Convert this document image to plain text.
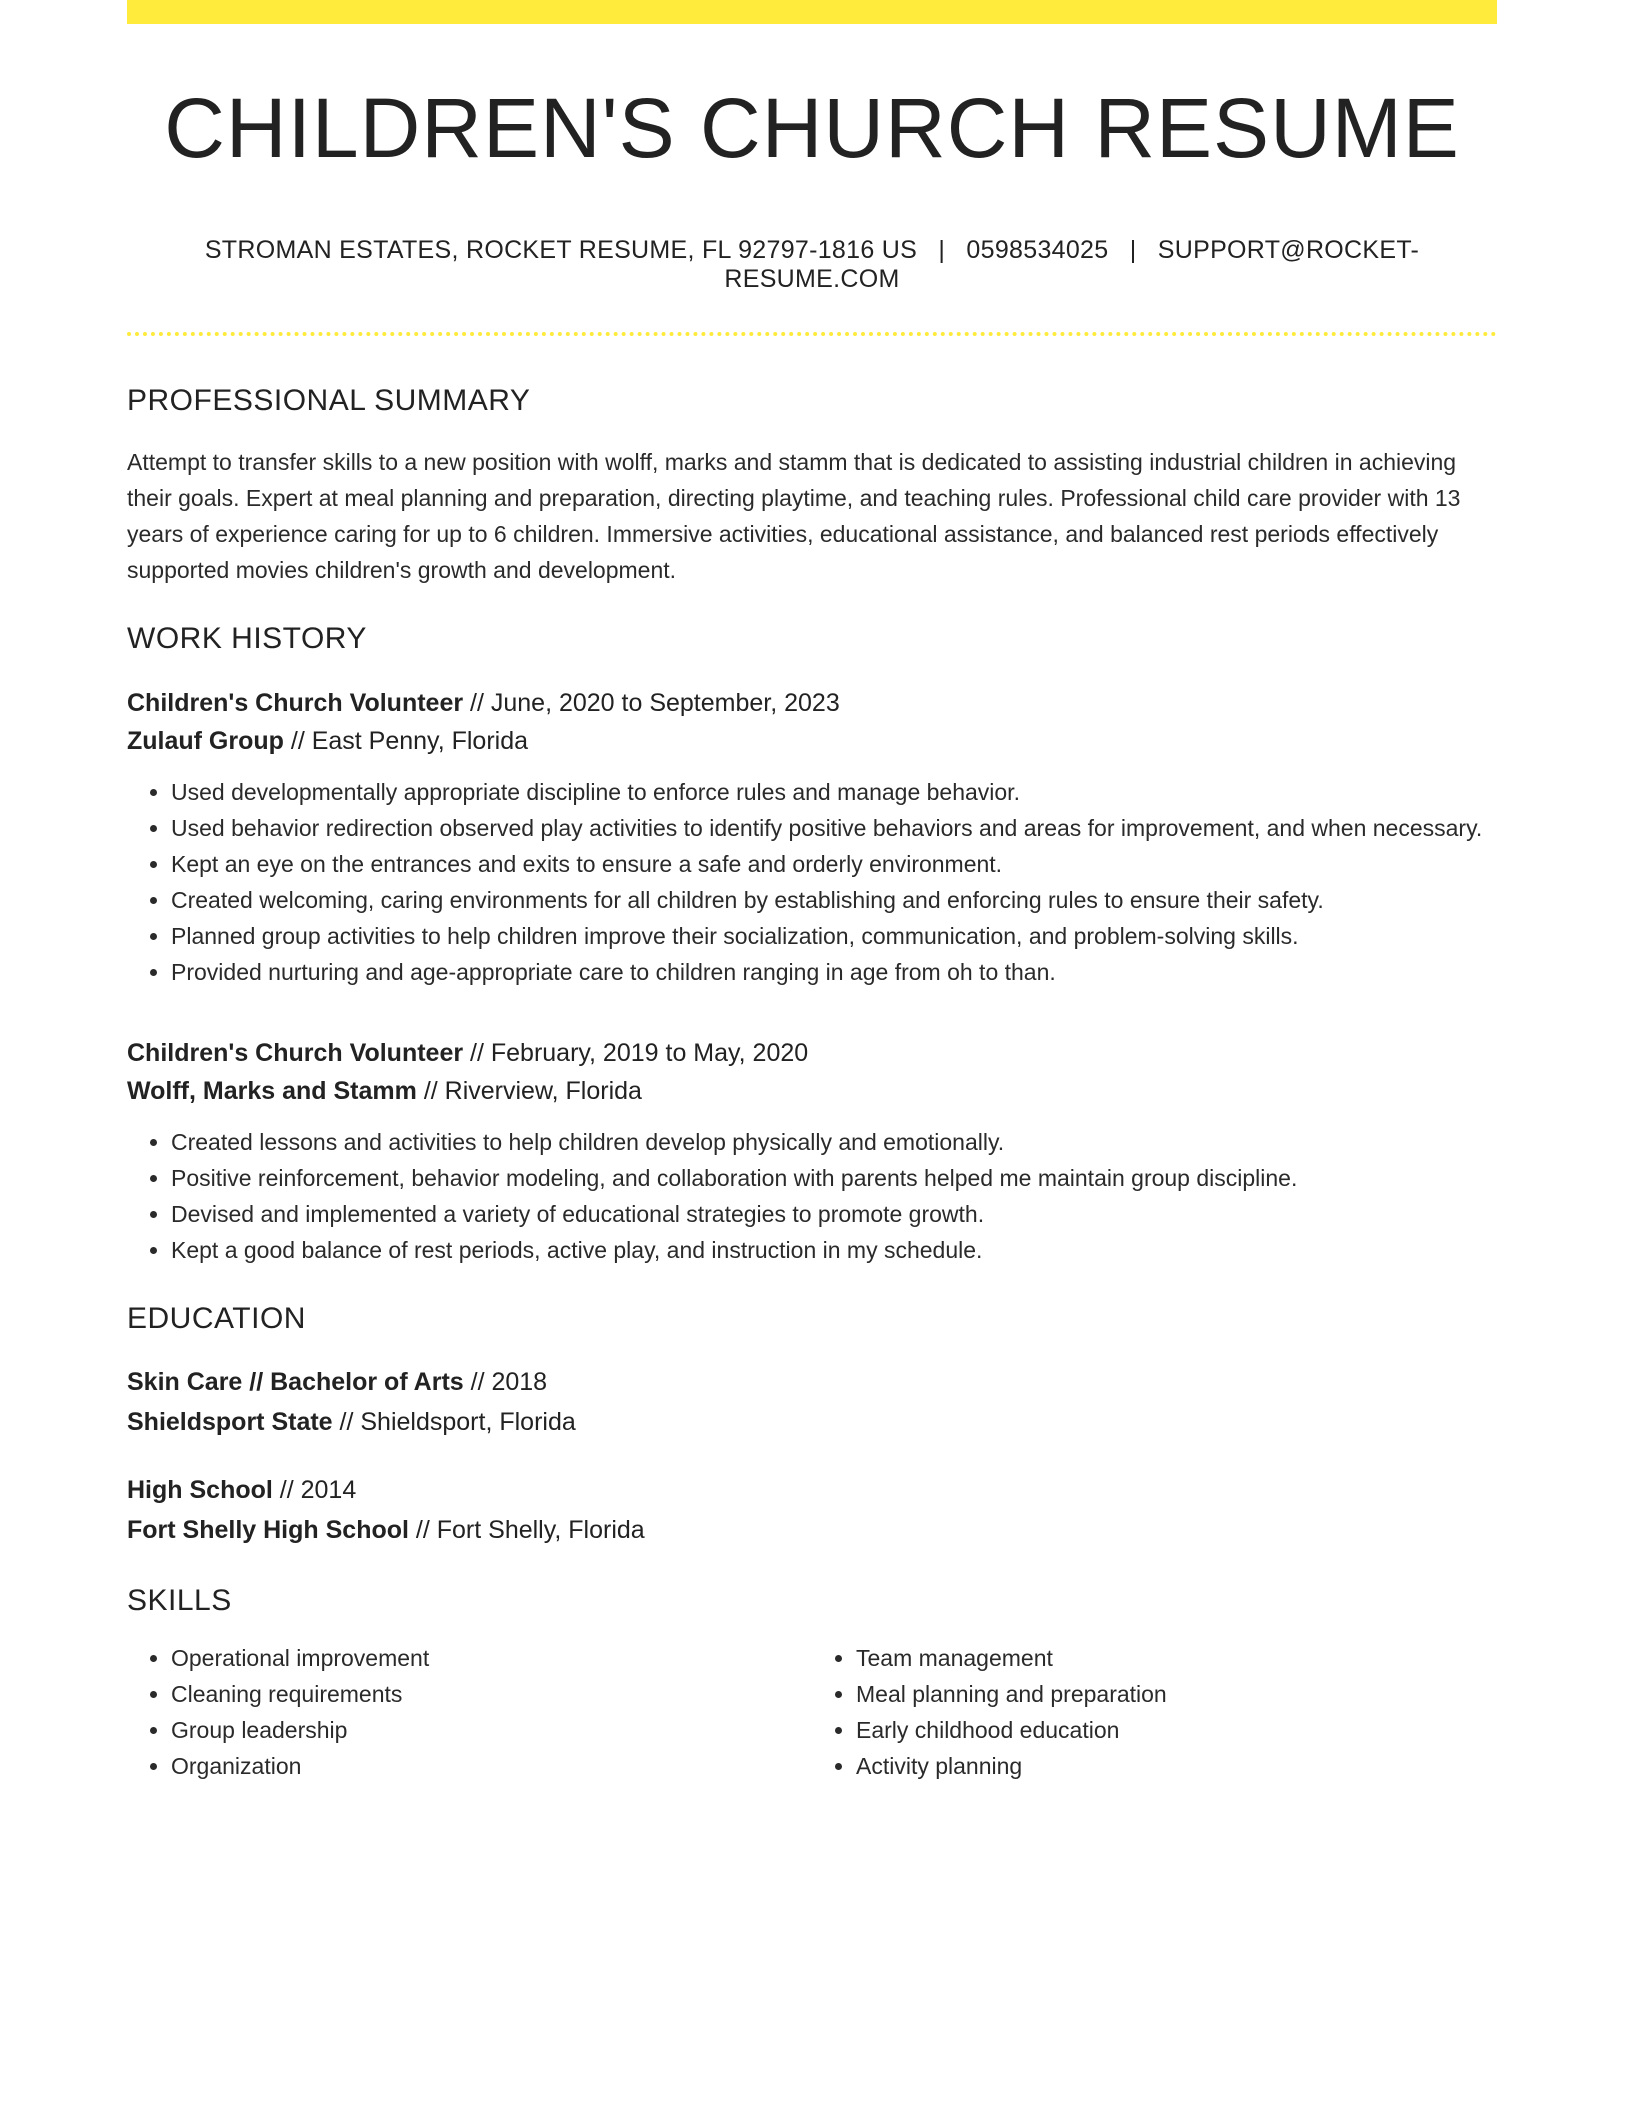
CHILDREN'S CHURCH RESUME
STROMAN ESTATES, ROCKET RESUME, FL 92797-1816 US | 0598534025 | SUPPORT@ROCKET-RESUME.COM
PROFESSIONAL SUMMARY

Attempt to transfer skills to a new position with wolff, marks and stamm that is dedicated to assisting industrial children in achieving their goals. Expert at meal planning and preparation, directing playtime, and teaching rules. Professional child care provider with 13 years of experience caring for up to 6 children. Immersive activities, educational assistance, and balanced rest periods effectively supported movies children's growth and development.

WORK HISTORY
Children's Church Volunteer // June, 2020 to September, 2023
Zulauf Group // East Penny, Florida
• Used developmentally appropriate discipline to enforce rules and manage behavior.
• Used behavior redirection observed play activities to identify positive behaviors and areas for improvement, and when necessary.
• Kept an eye on the entrances and exits to ensure a safe and orderly environment.
• Created welcoming, caring environments for all children by establishing and enforcing rules to ensure their safety.
• Planned group activities to help children improve their socialization, communication, and problem-solving skills.
• Provided nurturing and age-appropriate care to children ranging in age from oh to than.
Children's Church Volunteer // February, 2019 to May, 2020
Wolff, Marks and Stamm // Riverview, Florida
• Created lessons and activities to help children develop physically and emotionally.
• Positive reinforcement, behavior modeling, and collaboration with parents helped me maintain group discipline.
• Devised and implemented a variety of educational strategies to promote growth.
• Kept a good balance of rest periods, active play, and instruction in my schedule.
EDUCATION
Skin Care // Bachelor of Arts // 2018
Shieldsport State // Shieldsport, Florida
High School // 2014
Fort Shelly High School // Fort Shelly, Florida
SKILLS
• Operational improvement
• Cleaning requirements
• Group leadership
• Organization
• Team management
• Meal planning and preparation
• Early childhood education
• Activity planning
